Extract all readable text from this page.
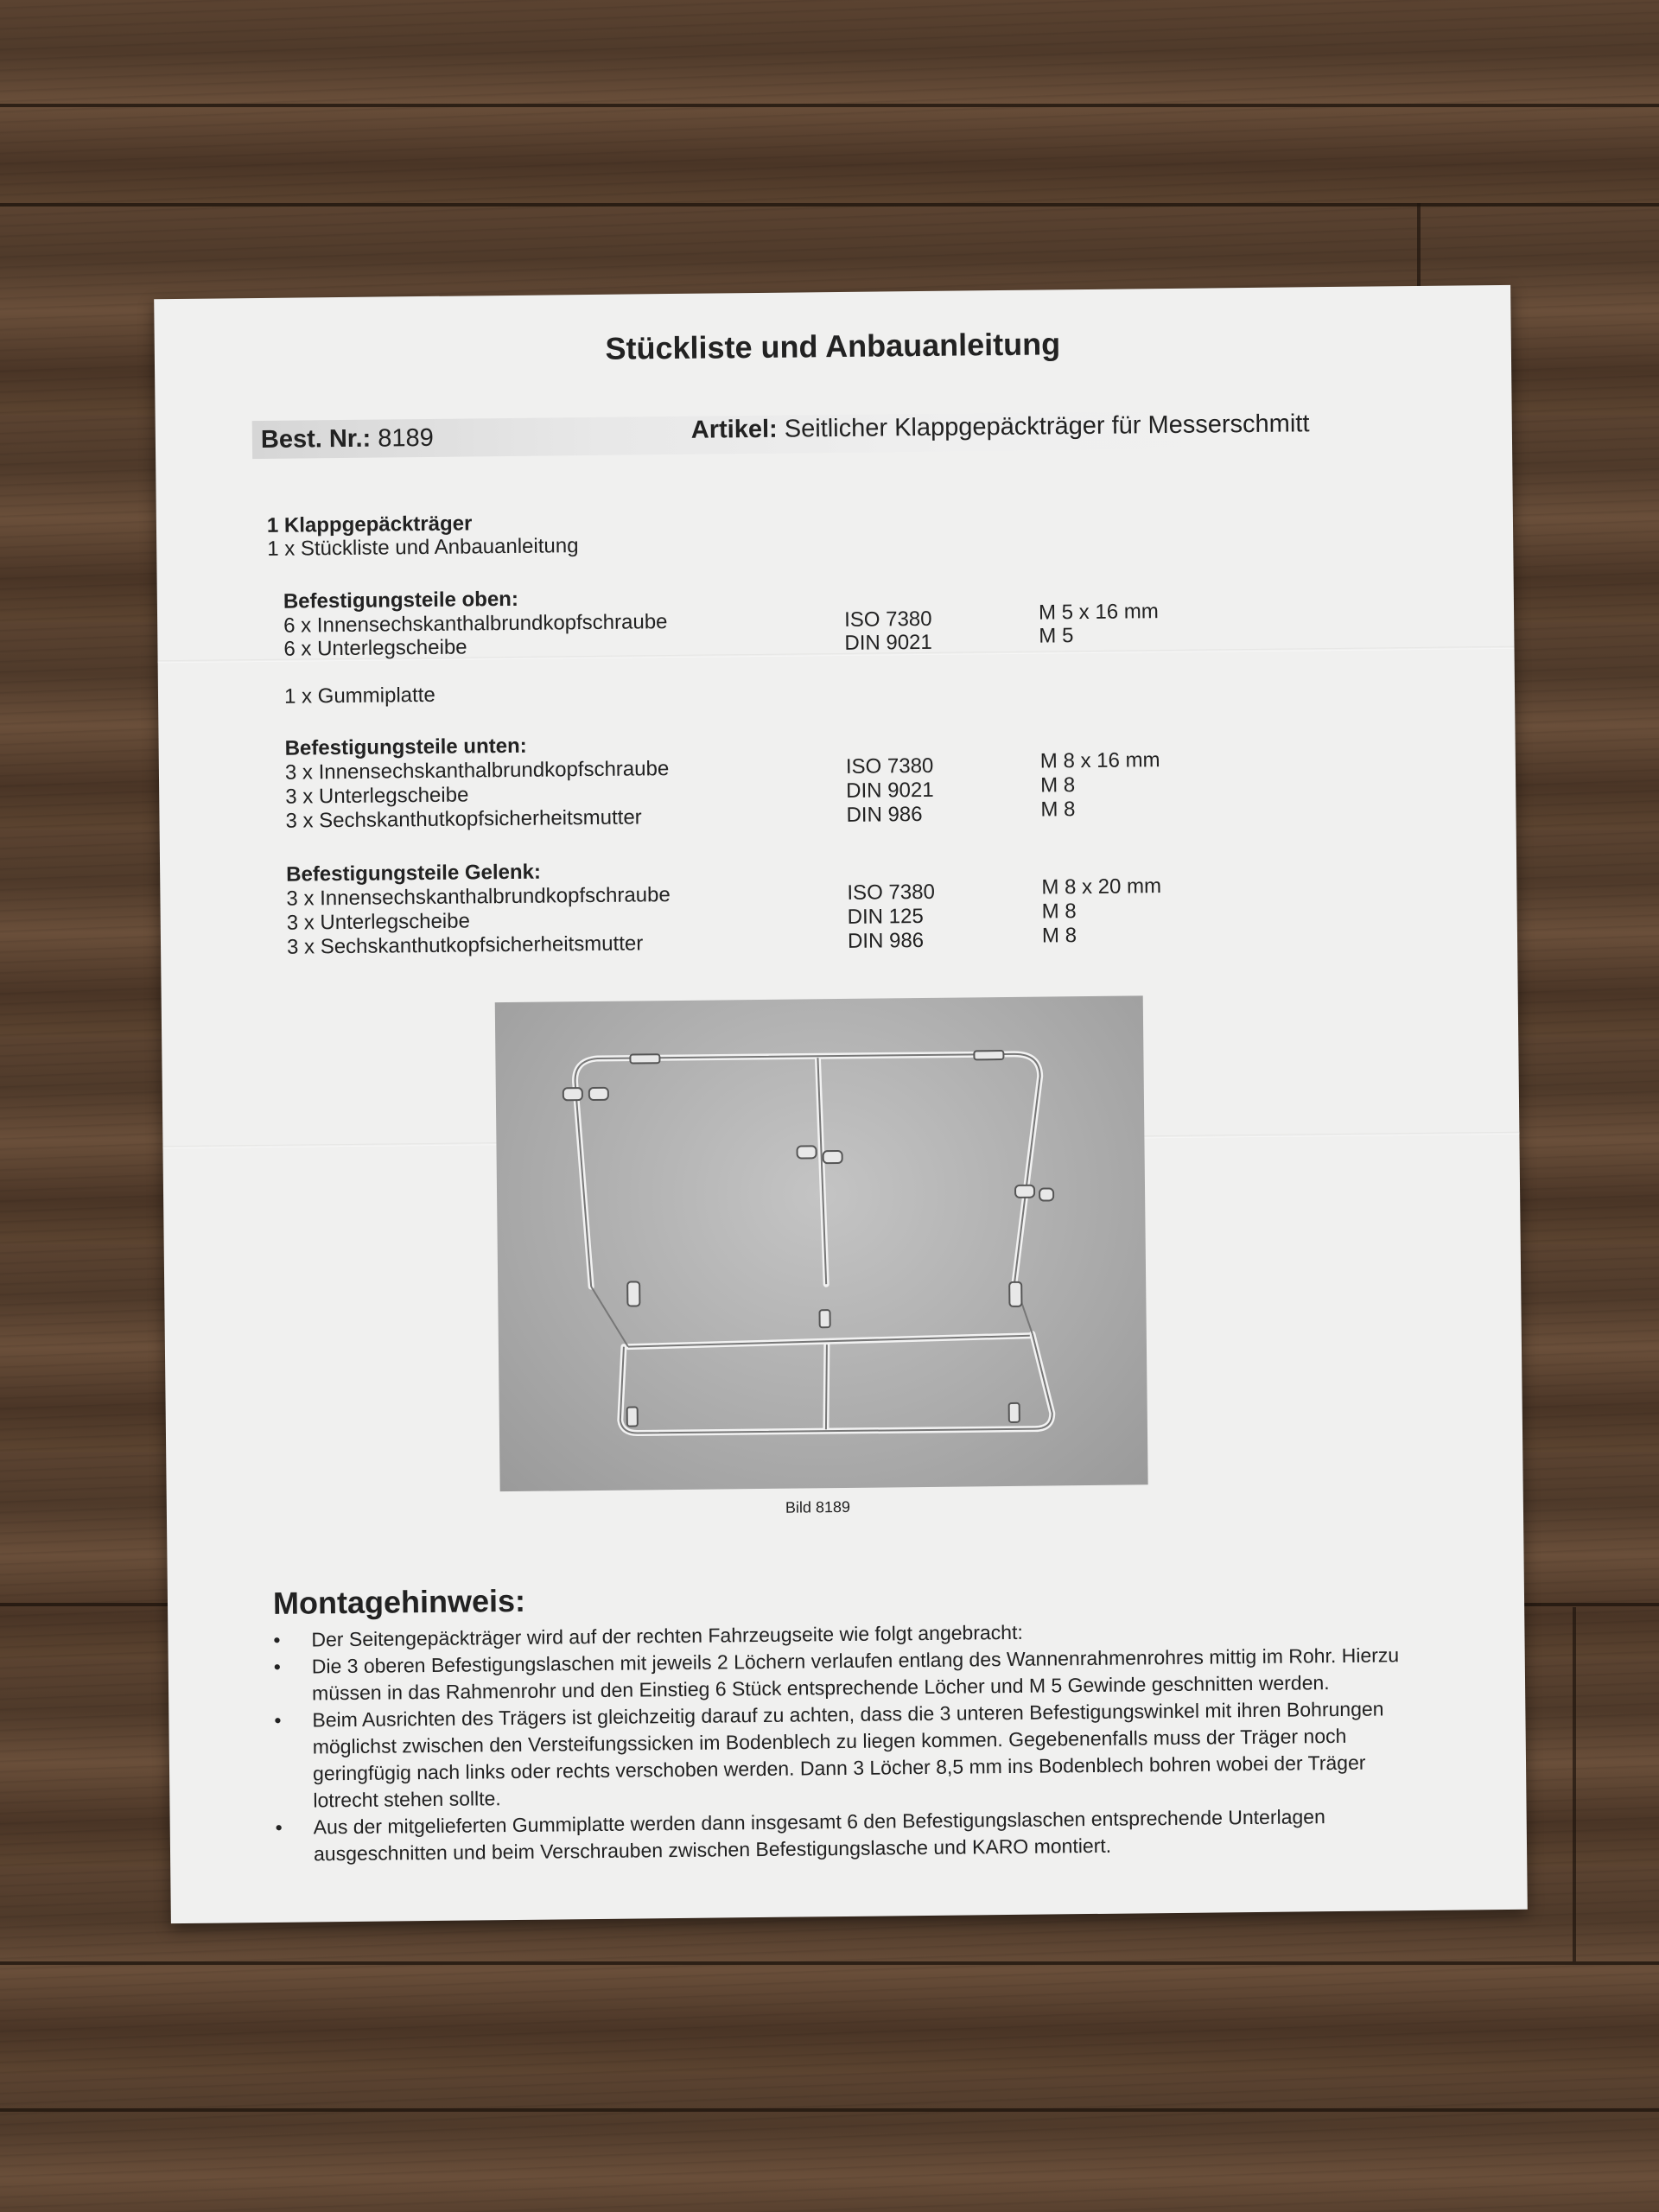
Stückliste und Anbauanleitung
Best. Nr.: 8189	Artikel: Seitlicher Klappgepäckträger für Messerschmitt
1 Klappgepäckträger
1 x Stückliste und Anbauanleitung
Befestigungsteile oben:
6 x Innensechskanthalbrundkopfschraube	ISO 7380	M 5 x 16 mm
6 x Unterlegscheibe	DIN 9021	M 5
1 x Gummiplatte
Befestigungsteile unten:
3 x Innensechskanthalbrundkopfschraube	ISO 7380	M 8 x 16 mm
3 x Unterlegscheibe	DIN 9021	M 8
3 x Sechskanthutkopfsicherheitsmutter	DIN 986	M 8
Befestigungsteile Gelenk:
3 x Innensechskanthalbrundkopfschraube	ISO 7380	M 8 x 20 mm
3 x Unterlegscheibe	DIN 125	M 8
3 x Sechskanthutkopfsicherheitsmutter	DIN 986	M 8
Bild 8189
Montagehinweis:
• Der Seitengepäckträger wird auf der rechten Fahrzeugseite wie folgt angebracht:
• Die 3 oberen Befestigungslaschen mit jeweils 2 Löchern verlaufen entlang des Wannenrahmenrohres mittig im Rohr. Hierzu müssen in das Rahmenrohr und den Einstieg 6 Stück entsprechende Löcher und M 5 Gewinde geschnitten werden.
• Beim Ausrichten des Trägers ist gleichzeitig darauf zu achten, dass die 3 unteren Befestigungswinkel mit ihren Bohrungen möglichst zwischen den Versteifungssicken im Bodenblech zu liegen kommen. Gegebenenfalls muss der Träger noch geringfügig nach links oder rechts verschoben werden. Dann 3 Löcher 8,5 mm ins Bodenblech bohren wobei der Träger lotrecht stehen sollte.
• Aus der mitgelieferten Gummiplatte werden dann insgesamt 6 den Befestigungslaschen entsprechende Unterlagen ausgeschnitten und beim Verschrauben zwischen Befestigungslasche und KARO montiert.
